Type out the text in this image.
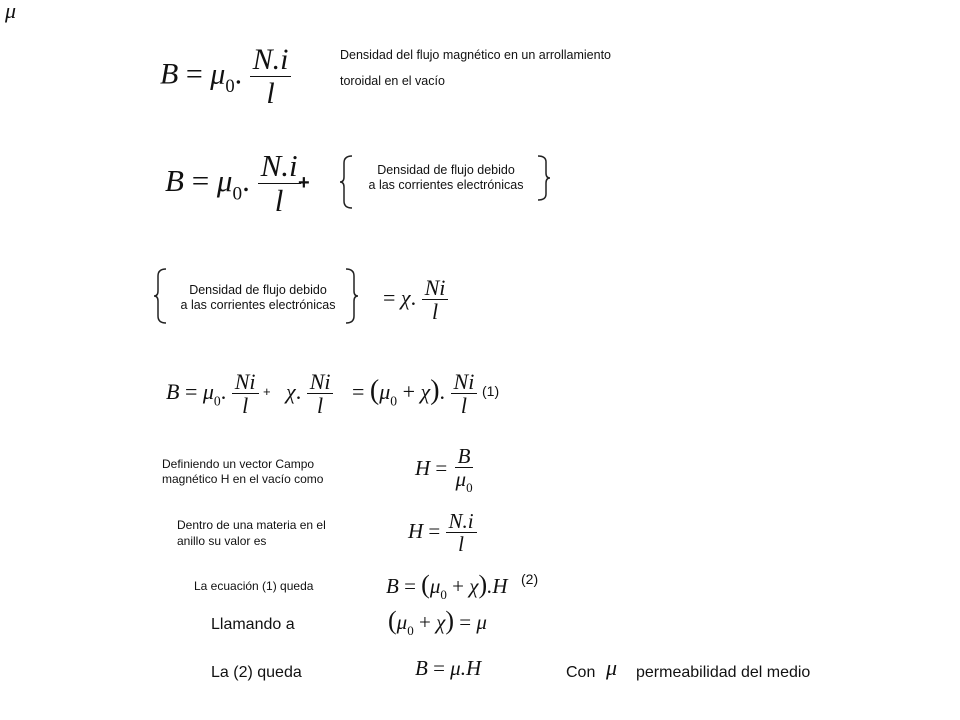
μ
$B = \mu_0$. $\frac{N.i}{l}$	Densidad del flujo magnético en un arrollamiento
toroidal en el vacío
$B = \mu_0$. $\frac{N.i}{l}$
+
Densidad de flujo debido
a las corrientes electrónicas
Densidad de flujo debido
a las corrientes electrónicas	= χ. $\frac{Ni}{l}$
$B = \mu_0$. $\frac{Ni}{l} + \chi$. $\frac{Ni}{l} = (\mu_0 + \chi)$. $\frac{Ni}{l} (1)$
Definiendo un vector Campo
magnético H en el vacío como	$H = \frac{B}{\mu_0}$
Dentro de una materia en el
anillo su valor es	$H = \frac{N.i}{l}$
La ecuación (1) queda	$B = (\mu_0 + \chi).H$ (2)
Llamando a	$(\mu_0 + \chi) = \mu$
La (2) queda	B = μ.H	Con μ permeabilidad del medio
